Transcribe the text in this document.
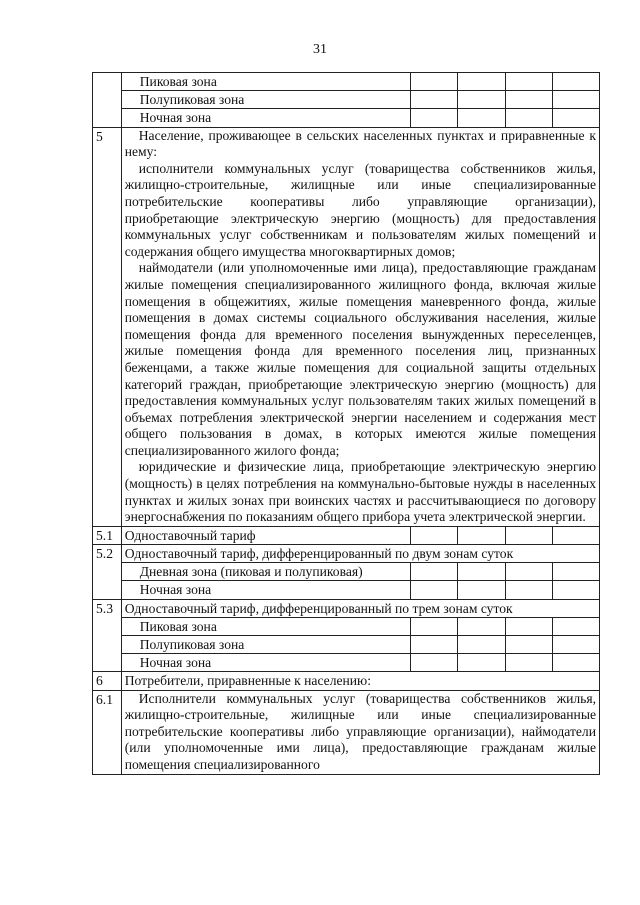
31
	Пиковая зона				
	Полупиковая зона				
	Ночная зона				
5	Население, проживающее в сельских населенных пунктах и приравненные к нему:

исполнители коммунальных услуг (товарищества собственников жилья, жилищно-строительные, жилищные или иные специализированные потребительские кооперативы либо управляющие организации), приобретающие электрическую энергию (мощность) для предоставления коммунальных услуг собственникам и пользователям жилых помещений и содержания общего имущества многоквартирных домов;

наймодатели (или уполномоченные ими лица), предоставляющие гражданам жилые помещения специализированного жилищного фонда, включая жилые помещения в общежитиях, жилые помещения маневренного фонда, жилые помещения в домах системы социального обслуживания населения, жилые помещения фонда для временного поселения вынужденных переселенцев, жилые помещения фонда для временного поселения лиц, признанных беженцами, а также жилые помещения для социальной защиты отдельных категорий граждан, приобретающие электрическую энергию (мощность) для предоставления коммунальных услуг пользователям таких жилых помещений в объемах потребления электрической энергии населением и содержания мест общего пользования в домах, в которых имеются жилые помещения специализированного жилого фонда;

юридические и физические лица, приобретающие электрическую энергию (мощность) в целях потребления на коммунально-бытовые нужды в населенных пунктах и жилых зонах при воинских частях и рассчитывающиеся по договору энергоснабжения по показаниям общего прибора учета электрической энергии.				

5.1	Одноставочный тариф				
5.2	Одноставочный тариф, дифференцированный по двум зонам суток				
	Дневная зона (пиковая и полупиковая)				
	Ночная зона				
5.3	Одноставочный тариф, дифференцированный по трем зонам суток				
	Пиковая зона				
	Полупиковая зона				
	Ночная зона				
6	Потребители, приравненные к населению:				
6.1	Исполнители коммунальных услуг (товарищества собственников жилья, жилищно-строительные, жилищные или иные специализированные потребительские кооперативы либо управляющие организации), наймодатели (или уполномоченные ими лица), предоставляющие гражданам жилые помещения специализированного				
